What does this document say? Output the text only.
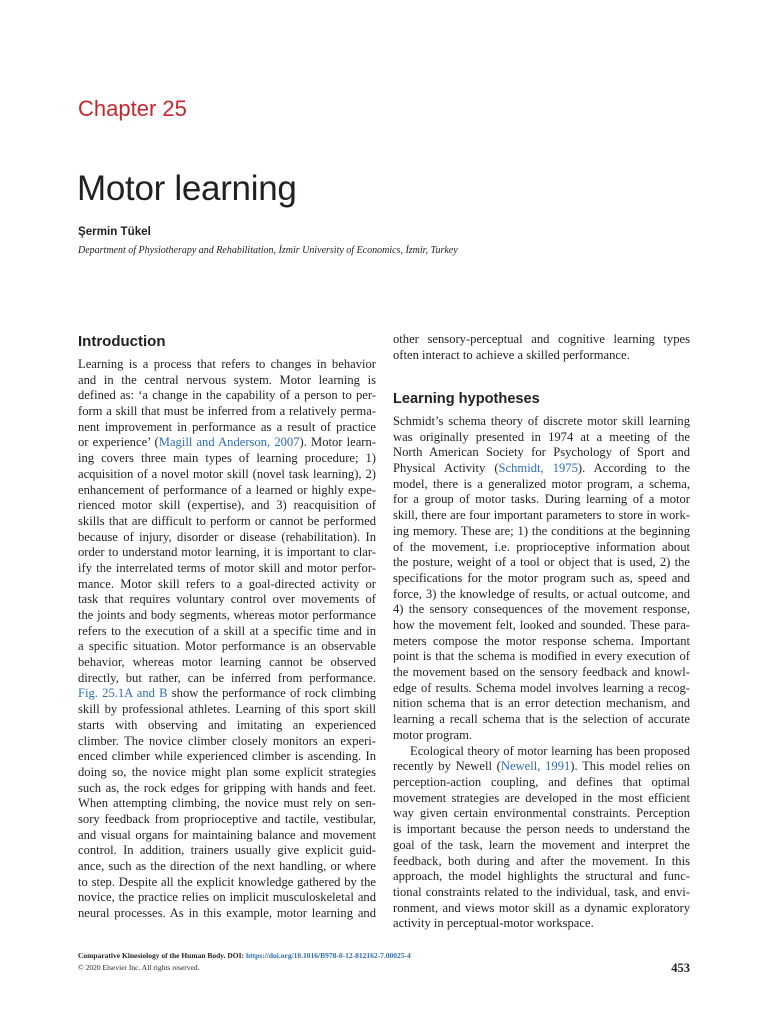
Chapter 25
Motor learning
Şermin Tükel
Department of Physiotherapy and Rehabilitation, İzmir University of Economics, İzmir, Turkey
Introduction
Learning is a process that refers to changes in behavior
and in the central nervous system. Motor learning is
defined as: ‘a change in the capability of a person to per-
form a skill that must be inferred from a relatively perma-
nent improvement in performance as a result of practice
or experience’ (Magill and Anderson, 2007). Motor learn-
ing covers three main types of learning procedure; 1)
acquisition of a novel motor skill (novel task learning), 2)
enhancement of performance of a learned or highly expe-
rienced motor skill (expertise), and 3) reacquisition of
skills that are difficult to perform or cannot be performed
because of injury, disorder or disease (rehabilitation). In
order to understand motor learning, it is important to clar-
ify the interrelated terms of motor skill and motor perfor-
mance. Motor skill refers to a goal-directed activity or
task that requires voluntary control over movements of
the joints and body segments, whereas motor performance
refers to the execution of a skill at a specific time and in
a specific situation. Motor performance is an observable
behavior, whereas motor learning cannot be observed
directly, but rather, can be inferred from performance.
Fig. 25.1A and B show the performance of rock climbing
skill by professional athletes. Learning of this sport skill
starts with observing and imitating an experienced
climber. The novice climber closely monitors an experi-
enced climber while experienced climber is ascending. In
doing so, the novice might plan some explicit strategies
such as, the rock edges for gripping with hands and feet.
When attempting climbing, the novice must rely on sen-
sory feedback from proprioceptive and tactile, vestibular,
and visual organs for maintaining balance and movement
control. In addition, trainers usually give explicit guid-
ance, such as the direction of the next handling, or where
to step. Despite all the explicit knowledge gathered by the
novice, the practice relies on implicit musculoskeletal and
neural processes. As in this example, motor learning and
other sensory-perceptual and cognitive learning types
often interact to achieve a skilled performance.
Learning hypotheses
Schmidt’s schema theory of discrete motor skill learning
was originally presented in 1974 at a meeting of the
North American Society for Psychology of Sport and
Physical Activity (Schmidt, 1975). According to the
model, there is a generalized motor program, a schema,
for a group of motor tasks. During learning of a motor
skill, there are four important parameters to store in work-
ing memory. These are; 1) the conditions at the beginning
of the movement, i.e. proprioceptive information about
the posture, weight of a tool or object that is used, 2) the
specifications for the motor program such as, speed and
force, 3) the knowledge of results, or actual outcome, and
4) the sensory consequences of the movement response,
how the movement felt, looked and sounded. These para-
meters compose the motor response schema. Important
point is that the schema is modified in every execution of
the movement based on the sensory feedback and knowl-
edge of results. Schema model involves learning a recog-
nition schema that is an error detection mechanism, and
learning a recall schema that is the selection of accurate
motor program.
Ecological theory of motor learning has been proposed
recently by Newell (Newell, 1991). This model relies on
perception-action coupling, and defines that optimal
movement strategies are developed in the most efficient
way given certain environmental constraints. Perception
is important because the person needs to understand the
goal of the task, learn the movement and interpret the
feedback, both during and after the movement. In this
approach, the model highlights the structural and func-
tional constraints related to the individual, task, and envi-
ronment, and views motor skill as a dynamic exploratory
activity in perceptual-motor workspace.
Comparative Kinesiology of the Human Body. DOI: https://doi.org/10.1016/B978-0-12-812162-7.00025-4
© 2020 Elsevier Inc. All rights reserved.	453
